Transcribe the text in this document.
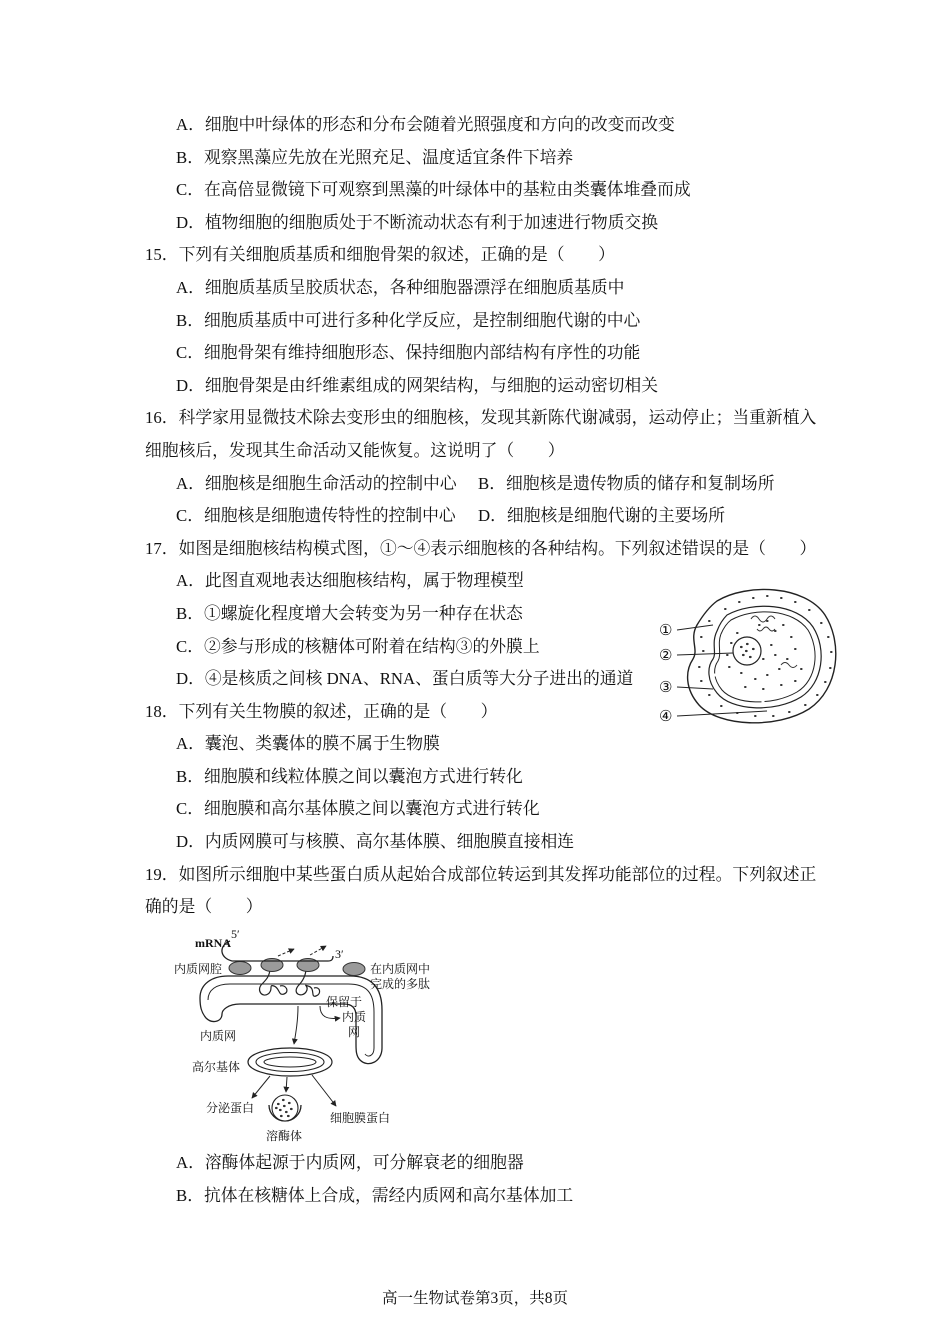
A．细胞中叶绿体的形态和分布会随着光照强度和方向的改变而改变
B．观察黑藻应先放在光照充足、温度适宜条件下培养
C．在高倍显微镜下可观察到黑藻的叶绿体中的基粒由类囊体堆叠而成
D．植物细胞的细胞质处于不断流动状态有利于加速进行物质交换
15．下列有关细胞质基质和细胞骨架的叙述，正确的是（　　）
A．细胞质基质呈胶质状态，各种细胞器漂浮在细胞质基质中
B．细胞质基质中可进行多种化学反应，是控制细胞代谢的中心
C．细胞骨架有维持细胞形态、保持细胞内部结构有序性的功能
D．细胞骨架是由纤维素组成的网架结构，与细胞的运动密切相关
16．科学家用显微技术除去变形虫的细胞核，发现其新陈代谢减弱，运动停止；当重新植入
细胞核后，发现其生命活动又能恢复。这说明了（　　）
A．细胞核是细胞生命活动的控制中心 B．细胞核是遗传物质的储存和复制场所
C．细胞核是细胞遗传特性的控制中心 D．细胞核是细胞代谢的主要场所
17．如图是细胞核结构模式图，①～④表示细胞核的各种结构。下列叙述错误的是（　　）
A．此图直观地表达细胞核结构，属于物理模型
B．①螺旋化程度增大会转变为另一种存在状态
C．②参与形成的核糖体可附着在结构③的外膜上
D．④是核质之间核 DNA、RNA、蛋白质等大分子进出的通道
18．下列有关生物膜的叙述，正确的是（　　）
A．囊泡、类囊体的膜不属于生物膜
B．细胞膜和线粒体膜之间以囊泡方式进行转化
C．细胞膜和高尔基体膜之间以囊泡方式进行转化
D．内质网膜可与核膜、高尔基体膜、细胞膜直接相连
19．如图所示细胞中某些蛋白质从起始合成部位转运到其发挥功能部位的过程。下列叙述正
确的是（　　）
①
②
③
④
mRNA
5′
3′
内质网腔	在内质网中
完成的多肽
保留于
内质
网
内质网
高尔基体
分泌蛋白
细胞膜蛋白
溶酶体
A．溶酶体起源于内质网，可分解衰老的细胞器
B．抗体在核糖体上合成，需经内质网和高尔基体加工
高一生物试卷第3页，共8页
